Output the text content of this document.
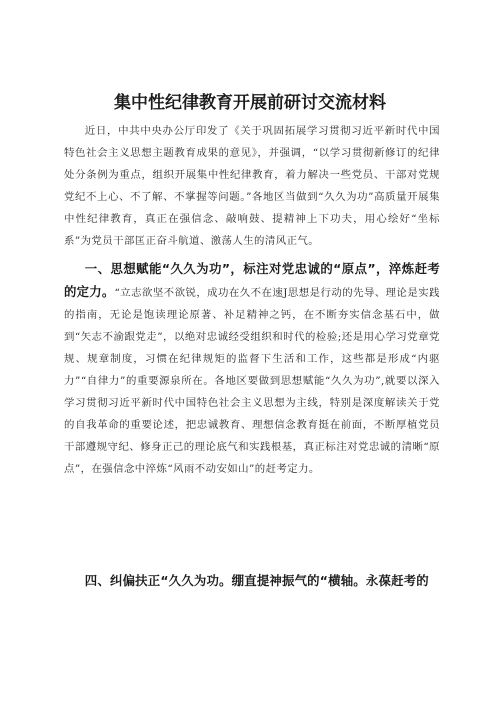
集中性纪律教育开展前研讨交流材料
近日，中共中央办公厅印发了《关于巩固拓展学习贯彻习近平新时代中国特色社会主义思想主题教育成果的意见》，并强调，“以学习贯彻新修订的纪律处分条例为重点，组织开展集中性纪律教育，着力解决一些党员、干部对党规党纪不上心、不了解、不掌握等问题。”各地区当做到“久久为功”高质量开展集中性纪律教育，真正在强信念、敲响鼓、提精神上下功夫，用心绘好“坐标系”为党员干部匡正奋斗航道、激荡人生的清风正气。
一、思想赋能“久久为功”，标注对党忠诚的“原点”，淬炼赶考的定力。“立志欲坚不欲锐，成功在久不在速J思想是行动的先导、理论是实践的指南，无论是饱读理论原著、补足精神之钙，在不断夯实信念基石中，做到“矢志不渝跟党走”，以绝对忠诚经受组织和时代的检验;还是用心学习党章党规、规章制度，习惯在纪律规矩的监督下生活和工作，这些都是形成“内驱力”“自律力”的重要源泉所在。各地区要做到思想赋能“久久为功”,就要以深入学习贯彻习近平新时代中国特色社会主义思想为主线，特别是深度解读关于党的自我革命的重要论述，把忠诚教育、理想信念教育挺在前面，不断厚植党员干部遵规守纪、修身正己的理论底气和实践根基，真正标注对党忠诚的清晰“原点”，在强信念中淬炼“风雨不动安如山”的赶考定力。
四、纠偏扶正“久久为功。绷直提神振气的“横轴。永葆赶考的
